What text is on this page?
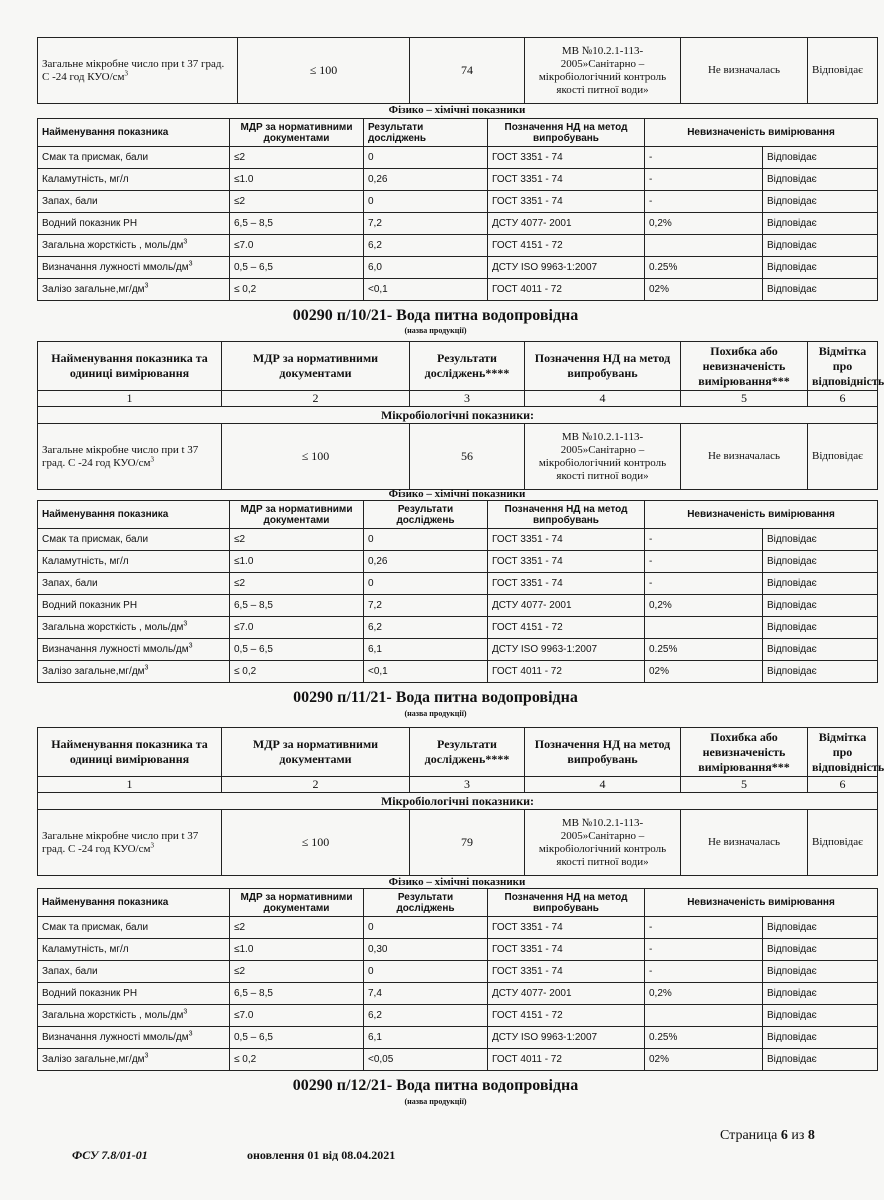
Загальне мікробне число при t 37 град. С -24 год КУО/$см^3$	≤ 100	74	МВ №10.2.1-113-2005»Санітарно – мікробіологічний контроль якості питної води»	Не визначалась	Відповідає
Фізико – хімічні показники
Найменування показника	МДР за нормативними документами	Результати досліджень	Позначення НД на метод випробувань	Невизначеність вимірювання	
Смак та присмак, бали	≤2	0	ГОСТ 3351 - 74	-	Відповідає
Каламутність, мг/л	≤1.0	0,26	ГОСТ 3351 - 74	-	Відповідає
Запах, бали	≤2	0	ГОСТ 3351 - 74	-	Відповідає
Водний показник РН	6,5 – 8,5	7,2	ДСТУ 4077- 2001	0,2%	Відповідає
Загальна жорсткість , моль/$дм^3$	≤7.0	6,2	ГОСТ 4151 - 72		Відповідає
Визначання лужності ммоль/$дм^3$	0,5 – 6,5	6,0	ДСТУ ISO 9963-1:2007	0.25%	Відповідає
Залізо $загальне,мг/дм^3$	≤ 0,2	<0,1	ГОСТ 4011 - 72	02%	Відповідає
00290 п/10/21- Вода питна водопровідна
(назва продукції)
Найменування показника та одиниці вимірювання	МДР за нормативними документами	Результати досліджень****	Позначення НД на метод випробувань	Похибка або невизначеність вимірювання***	Відмітка про відповідність
1	2	3	4	5	6
Мікробіологічні показники:					
Загальне мікробне число при t 37 град. С -24 год КУО/$см^3$	≤ 100	56	МВ №10.2.1-113-2005»Санітарно – мікробіологічний контроль якості питної води»	Не визначалась	Відповідає
Фізико – хімічні показники
Найменування показника	МДР за нормативними документами	Результати досліджень	Позначення НД на метод випробувань	Невизначеність вимірювання	
Смак та присмак, бали	≤2	0	ГОСТ 3351 - 74	-	Відповідає
Каламутність, мг/л	≤1.0	0,26	ГОСТ 3351 - 74	-	Відповідає
Запах, бали	≤2	0	ГОСТ 3351 - 74	-	Відповідає
Водний показник РН	6,5 – 8,5	7,2	ДСТУ 4077- 2001	0,2%	Відповідає
Загальна жорсткість , моль/$дм^3$	≤7.0	6,2	ГОСТ 4151 - 72		Відповідає
Визначання лужності ммоль/$дм^3$	0,5 – 6,5	6,1	ДСТУ ISO 9963-1:2007	0.25%	Відповідає
Залізо $загальне,мг/дм^3$	≤ 0,2	<0,1	ГОСТ 4011 - 72	02%	Відповідає
00290 п/11/21- Вода питна водопровідна
(назва продукції)
Найменування показника та одиниці вимірювання	МДР за нормативними документами	Результати досліджень****	Позначення НД на метод випробувань	Похибка або невизначеність вимірювання***	Відмітка про відповідність
1	2	3	4	5	6
Мікробіологічні показники:					
Загальне мікробне число при t 37 град. С -24 год КУО/$см^3$	≤ 100	79	МВ №10.2.1-113-2005»Санітарно – мікробіологічний контроль якості питної води»	Не визначалась	Відповідає
Фізико – хімічні показники
Найменування показника	МДР за нормативними документами	Результати досліджень	Позначення НД на метод випробувань	Невизначеність вимірювання	
Смак та присмак, бали	≤2	0	ГОСТ 3351 - 74	-	Відповідає
Каламутність, мг/л	≤1.0	0,30	ГОСТ 3351 - 74	-	Відповідає
Запах, бали	≤2	0	ГОСТ 3351 - 74	-	Відповідає
Водний показник РН	6,5 – 8,5	7,4	ДСТУ 4077- 2001	0,2%	Відповідає
Загальна жорсткість , моль/$дм^3$	≤7.0	6,2	ГОСТ 4151 - 72		Відповідає
Визначання лужності ммоль/$дм^3$	0,5 – 6,5	6,1	ДСТУ ISO 9963-1:2007	0.25%	Відповідає
Залізо $загальне,мг/дм^3$	≤ 0,2	<0,05	ГОСТ 4011 - 72	02%	Відповідає
00290 п/12/21- Вода питна водопровідна
(назва продукції)
Страница 6 из 8
ФСУ 7.8/01-01	оновлення 01 від 08.04.2021
